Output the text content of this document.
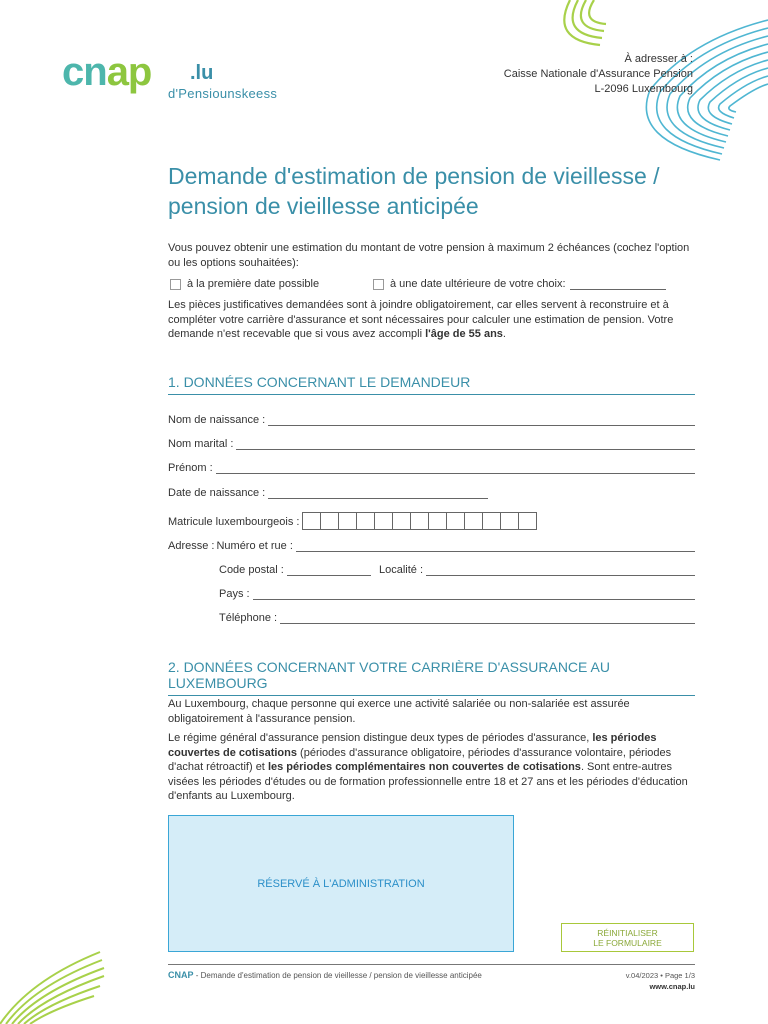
cnap .lu
d'Pensiounskeess
À adresser à :
Caisse Nationale d'Assurance Pension
L-2096 Luxembourg
Demande d'estimation de pension de vieillesse / pension de vieillesse anticipée

Vous pouvez obtenir une estimation du montant de votre pension à maximum 2 échéances (cochez l'option ou les options souhaitées):

à la première date possible	à une date ultérieure de votre choix:

Les pièces justificatives demandées sont à joindre obligatoirement, car elles servent à reconstruire et à compléter votre carrière d'assurance et sont nécessaires pour calculer une estimation de pension. Votre demande n'est recevable que si vous avez accompli l'âge de 55 ans.

1. DONNÉES CONCERNANT LE DEMANDEUR
Nom de naissance :
Nom marital :
Prénom :
Date de naissance :
Matricule luxembourgeois :
Adresse : Numéro et rue :
Code postal :	Localité :
Pays :
Téléphone :
2. DONNÉES CONCERNANT VOTRE CARRIÈRE D'ASSURANCE AU LUXEMBOURG

Au Luxembourg, chaque personne qui exerce une activité salariée ou non-salariée est assurée obligatoirement à l'assurance pension.

Le régime général d'assurance pension distingue deux types de périodes d'assurance, les périodes couvertes de cotisations (périodes d'assurance obligatoire, périodes d'assurance volontaire, périodes d'achat rétroactif) et les périodes complémentaires non couvertes de cotisations. Sont entre-autres visées les périodes d'études ou de formation professionnelle entre 18 et 27 ans et les périodes d'éducation d'enfants au Luxembourg.

RÉSERVÉ À L'ADMINISTRATION
RÉINITIALISER
LE FORMULAIRE
CNAP - Demande d'estimation de pension de vieillesse / pension de vieillesse anticipée	v.04/2023 • Page 1/3
www.cnap.lu
